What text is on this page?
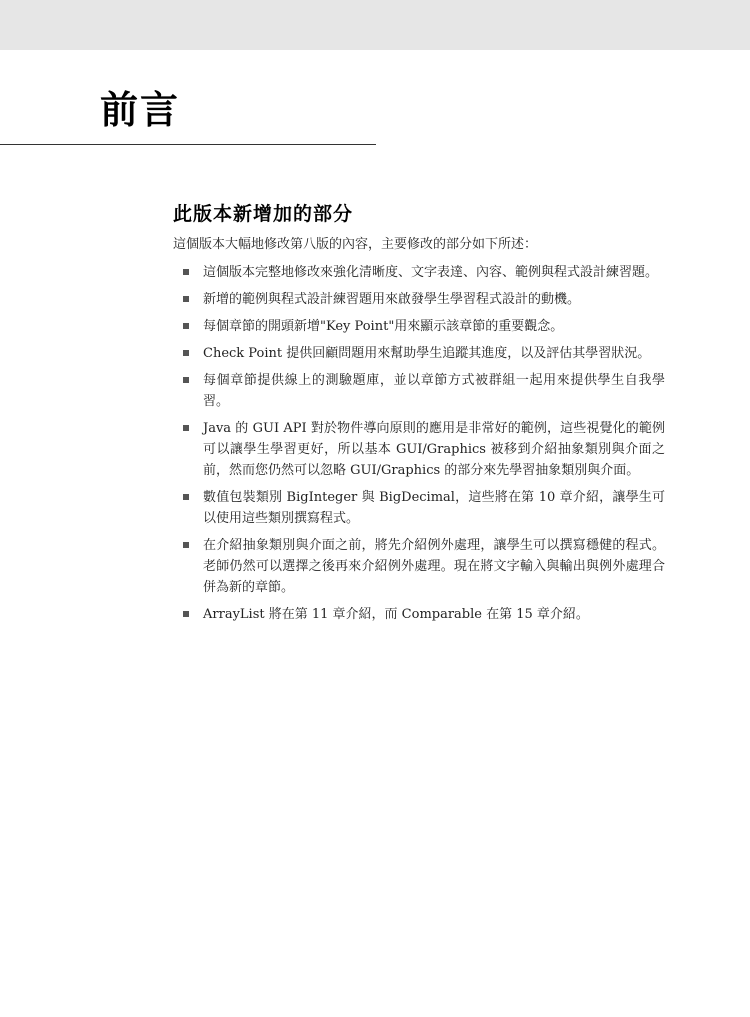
前言
此版本新增加的部分

這個版本大幅地修改第八版的內容，主要修改的部分如下所述：

這個版本完整地修改來強化清晰度、文字表達、內容、範例與程式設計練習題。
新增的範例與程式設計練習題用來啟發學生學習程式設計的動機。
每個章節的開頭新增"Key Point"用來顯示該章節的重要觀念。
Check Point 提供回顧問題用來幫助學生追蹤其進度，以及評估其學習狀況。
每個章節提供線上的測驗題庫，並以章節方式被群組一起用來提供學生自我學習。
Java 的 GUI API 對於物件導向原則的應用是非常好的範例，這些視覺化的範例可以讓學生學習更好，所以基本 GUI/Graphics 被移到介紹抽象類別與介面之前，然而您仍然可以忽略 GUI/Graphics 的部分來先學習抽象類別與介面。
數值包裝類別 BigInteger 與 BigDecimal，這些將在第 10 章介紹，讓學生可以使用這些類別撰寫程式。
在介紹抽象類別與介面之前，將先介紹例外處理，讓學生可以撰寫穩健的程式。老師仍然可以選擇之後再來介紹例外處理。現在將文字輸入與輸出與例外處理合併為新的章節。
ArrayList 將在第 11 章介紹，而 Comparable 在第 15 章介紹。
